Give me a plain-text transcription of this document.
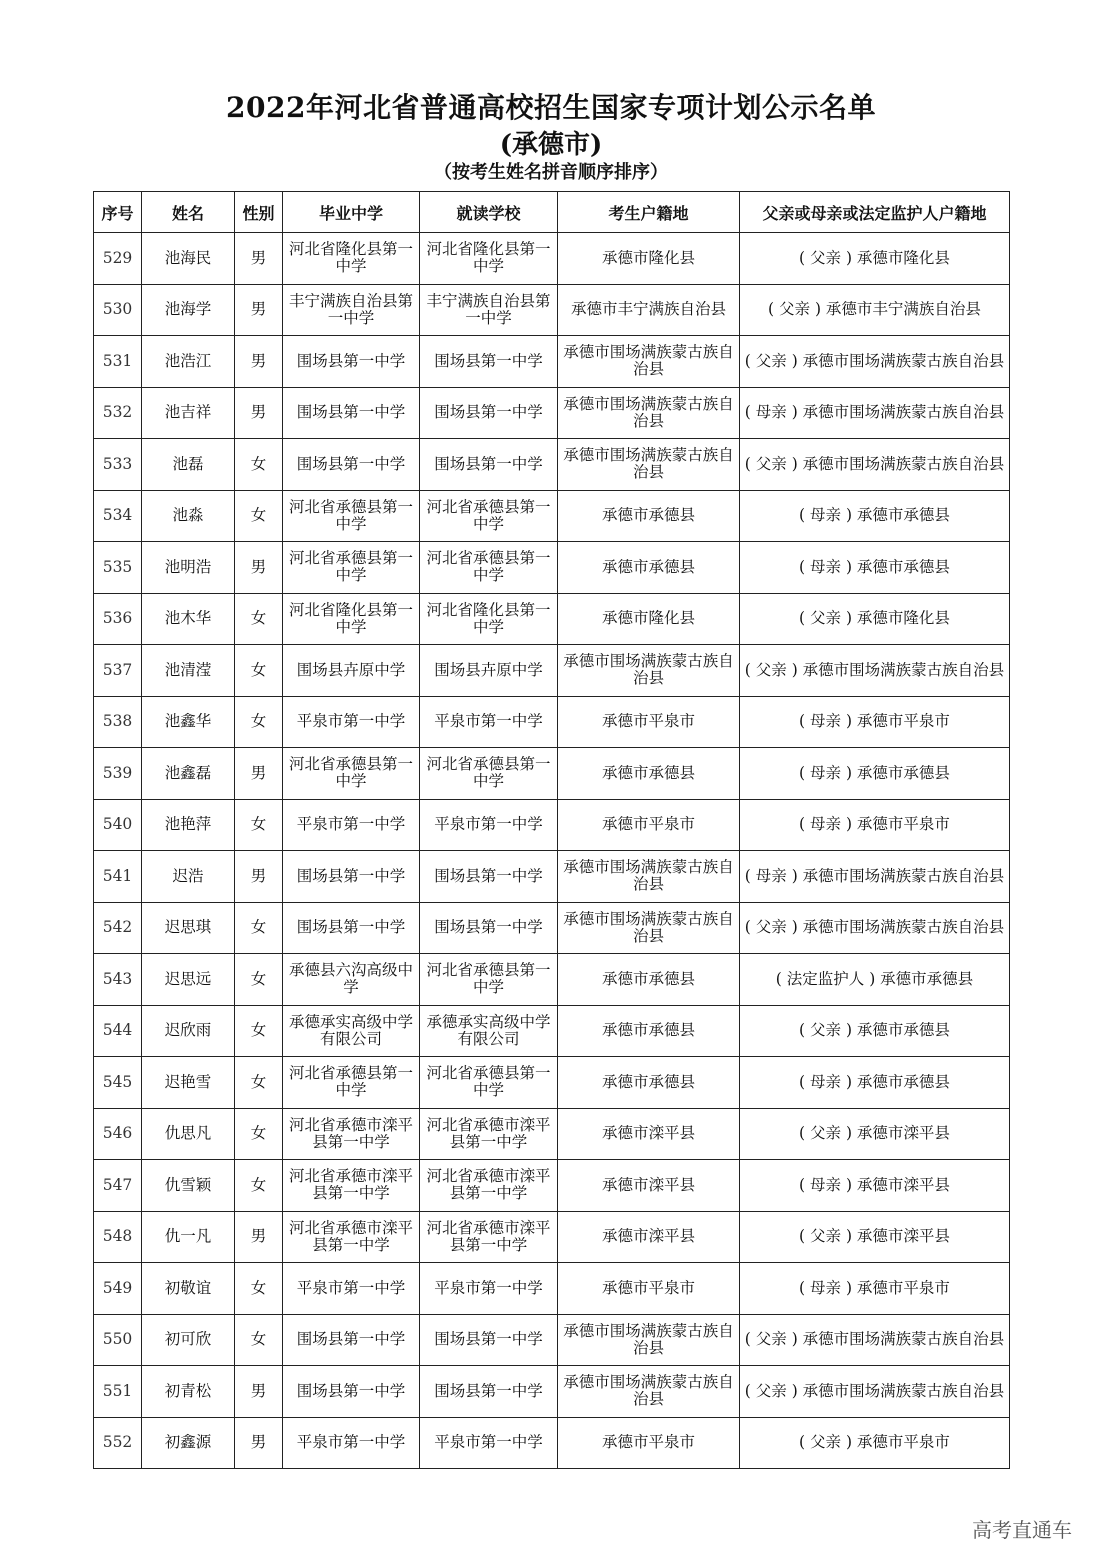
2022年河北省普通高校招生国家专项计划公示名单
(承德市)
（按考生姓名拼音顺序排序）
序号	姓名	性别	毕业中学	就读学校	考生户籍地	父亲或母亲或法定监护人户籍地
529	池海民	男	河北省隆化县第一中学	河北省隆化县第一中学	承德市隆化县	( 父亲 ) 承德市隆化县
530	池海学	男	丰宁满族自治县第一中学	丰宁满族自治县第一中学	承德市丰宁满族自治县	( 父亲 ) 承德市丰宁满族自治县
531	池浩江	男	围场县第一中学	围场县第一中学	承德市围场满族蒙古族自治县	( 父亲 ) 承德市围场满族蒙古族自治县
532	池吉祥	男	围场县第一中学	围场县第一中学	承德市围场满族蒙古族自治县	( 母亲 ) 承德市围场满族蒙古族自治县
533	池磊	女	围场县第一中学	围场县第一中学	承德市围场满族蒙古族自治县	( 父亲 ) 承德市围场满族蒙古族自治县
534	池淼	女	河北省承德县第一中学	河北省承德县第一中学	承德市承德县	( 母亲 ) 承德市承德县
535	池明浩	男	河北省承德县第一中学	河北省承德县第一中学	承德市承德县	( 母亲 ) 承德市承德县
536	池木华	女	河北省隆化县第一中学	河北省隆化县第一中学	承德市隆化县	( 父亲 ) 承德市隆化县
537	池清滢	女	围场县卉原中学	围场县卉原中学	承德市围场满族蒙古族自治县	( 父亲 ) 承德市围场满族蒙古族自治县
538	池鑫华	女	平泉市第一中学	平泉市第一中学	承德市平泉市	( 母亲 ) 承德市平泉市
539	池鑫磊	男	河北省承德县第一中学	河北省承德县第一中学	承德市承德县	( 母亲 ) 承德市承德县
540	池艳萍	女	平泉市第一中学	平泉市第一中学	承德市平泉市	( 母亲 ) 承德市平泉市
541	迟浩	男	围场县第一中学	围场县第一中学	承德市围场满族蒙古族自治县	( 母亲 ) 承德市围场满族蒙古族自治县
542	迟思琪	女	围场县第一中学	围场县第一中学	承德市围场满族蒙古族自治县	( 父亲 ) 承德市围场满族蒙古族自治县
543	迟思远	女	承德县六沟高级中学	河北省承德县第一中学	承德市承德县	( 法定监护人 ) 承德市承德县
544	迟欣雨	女	承德承实高级中学有限公司	承德承实高级中学有限公司	承德市承德县	( 父亲 ) 承德市承德县
545	迟艳雪	女	河北省承德县第一中学	河北省承德县第一中学	承德市承德县	( 母亲 ) 承德市承德县
546	仇思凡	女	河北省承德市滦平县第一中学	河北省承德市滦平县第一中学	承德市滦平县	( 父亲 ) 承德市滦平县
547	仇雪颖	女	河北省承德市滦平县第一中学	河北省承德市滦平县第一中学	承德市滦平县	( 母亲 ) 承德市滦平县
548	仇一凡	男	河北省承德市滦平县第一中学	河北省承德市滦平县第一中学	承德市滦平县	( 父亲 ) 承德市滦平县
549	初敬谊	女	平泉市第一中学	平泉市第一中学	承德市平泉市	( 母亲 ) 承德市平泉市
550	初可欣	女	围场县第一中学	围场县第一中学	承德市围场满族蒙古族自治县	( 父亲 ) 承德市围场满族蒙古族自治县
551	初青松	男	围场县第一中学	围场县第一中学	承德市围场满族蒙古族自治县	( 父亲 ) 承德市围场满族蒙古族自治县
552	初鑫源	男	平泉市第一中学	平泉市第一中学	承德市平泉市	( 父亲 ) 承德市平泉市
高考直通车
